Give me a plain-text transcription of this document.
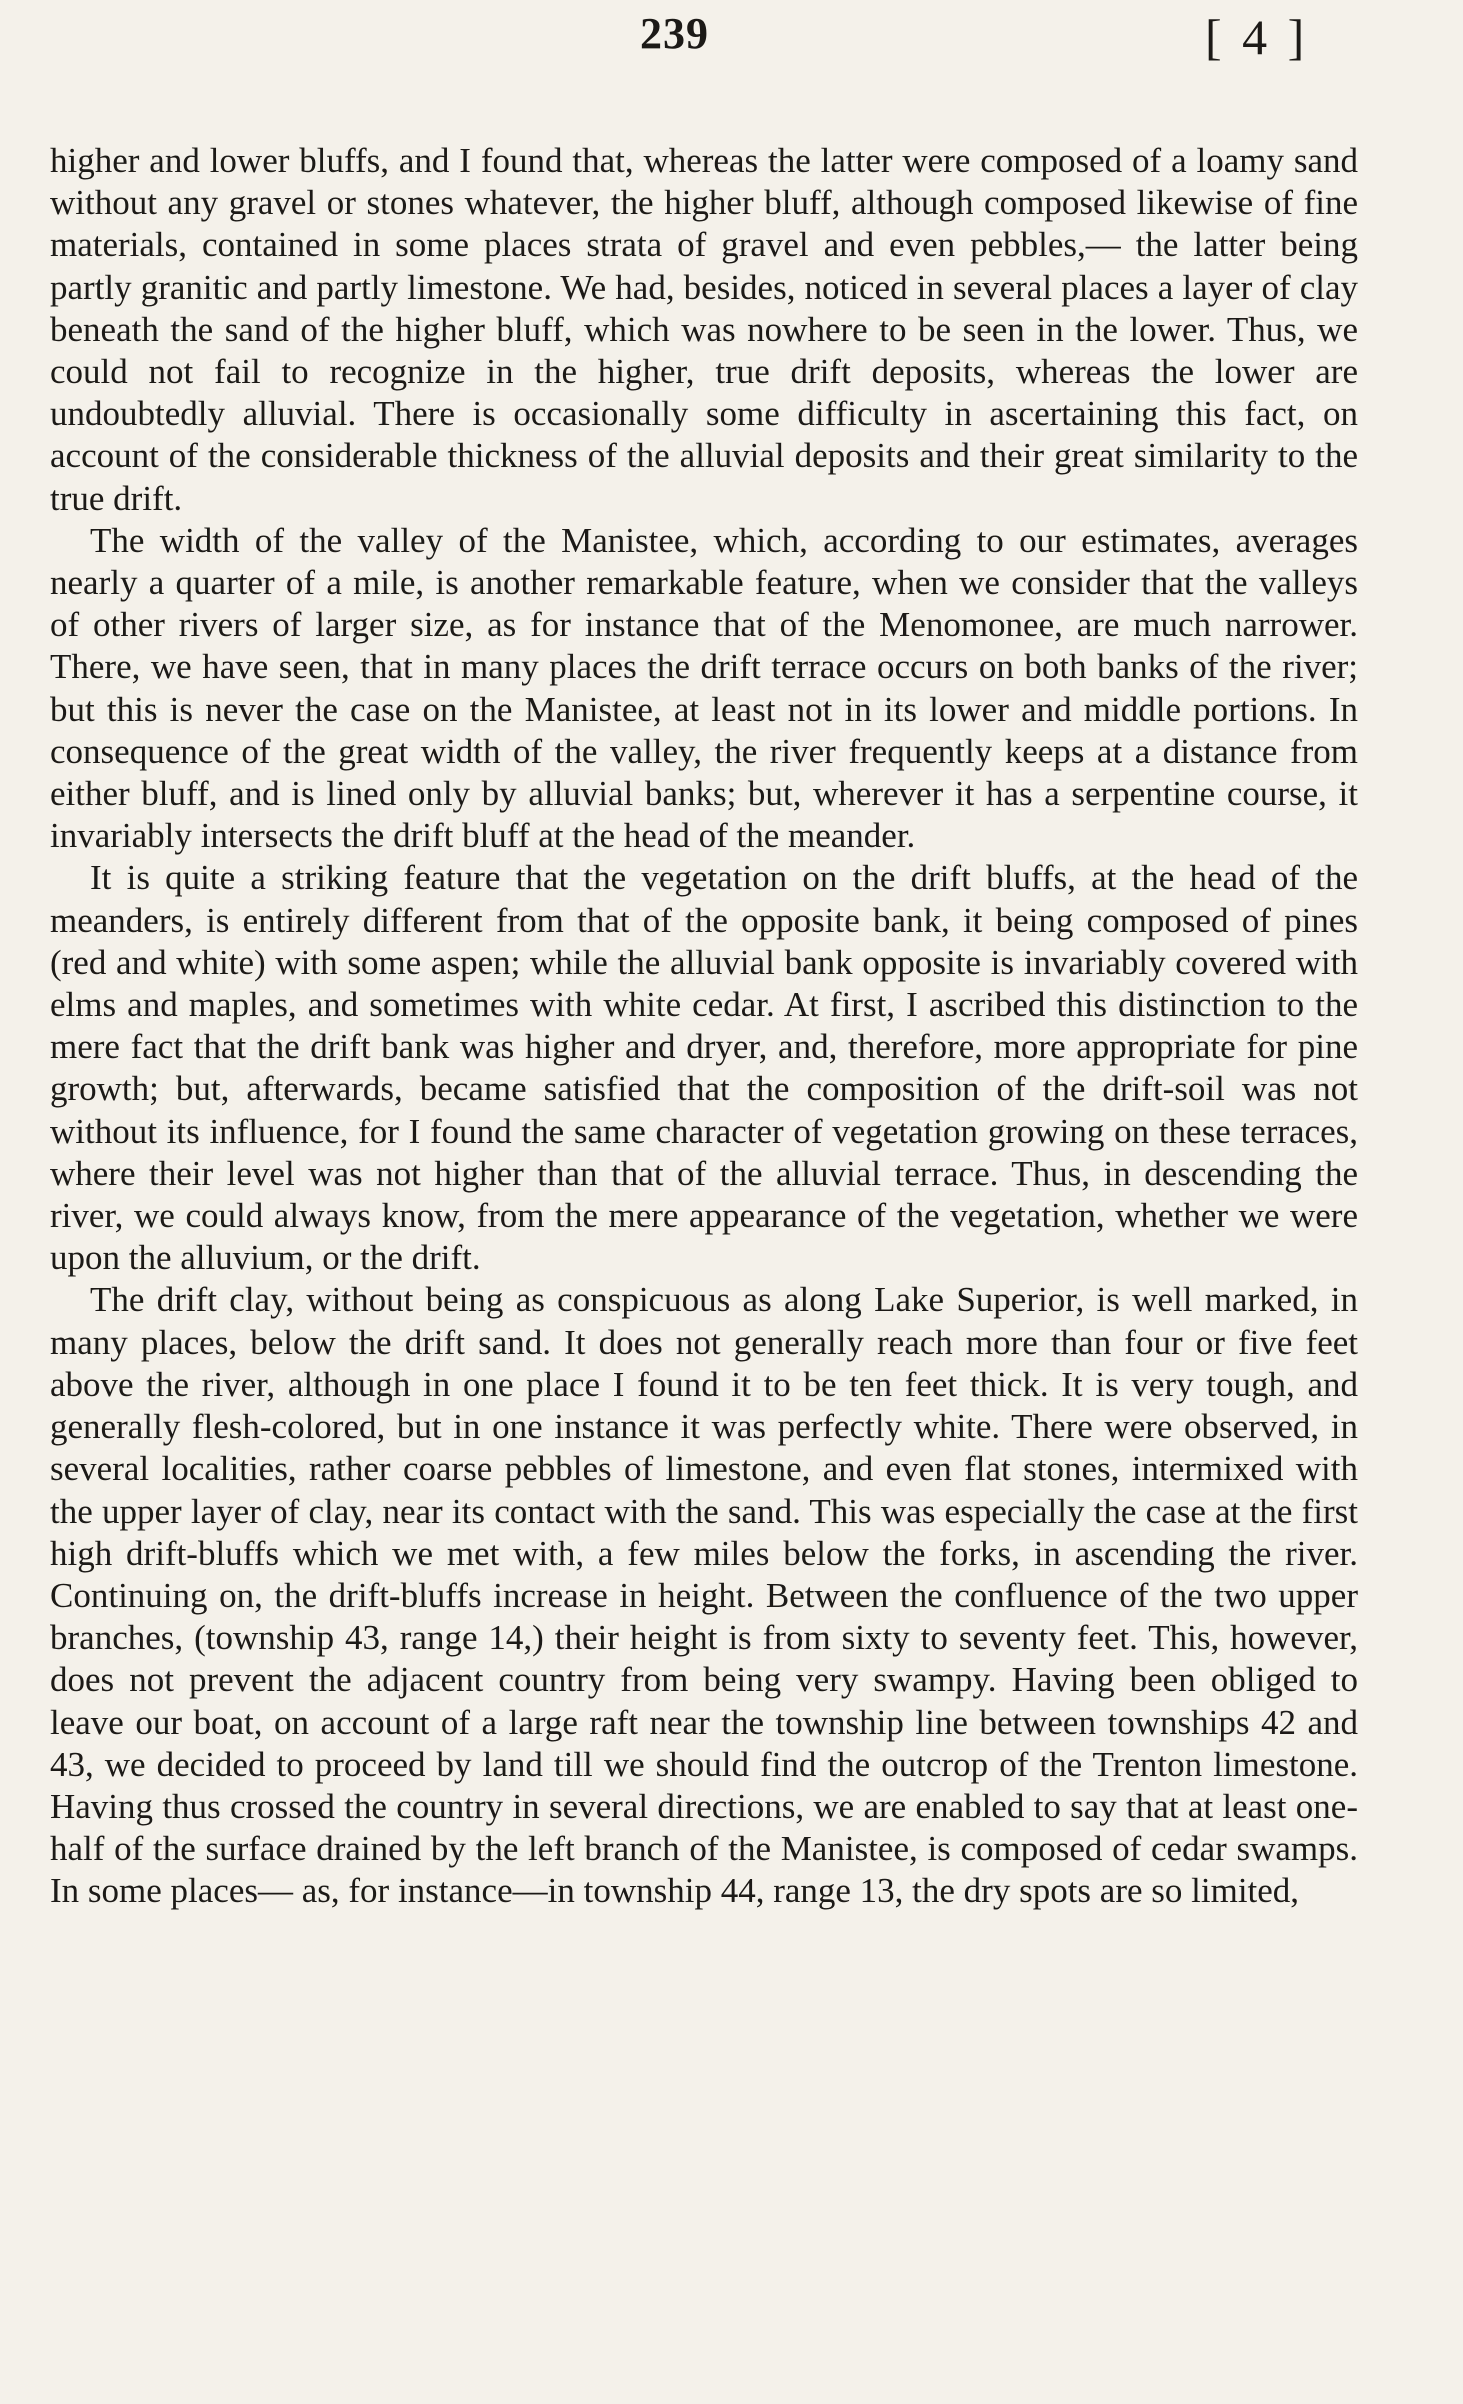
239	[ 4 ]

higher and lower bluffs, and I found that, whereas the latter were composed of a loamy sand without any gravel or stones whatever, the higher bluff, although composed likewise of fine materials, contained in some places strata of gravel and even pebbles,— the latter being partly granitic and partly limestone. We had, besides, noticed in several places a layer of clay beneath the sand of the higher bluff, which was nowhere to be seen in the lower. Thus, we could not fail to recognize in the higher, true drift deposits, whereas the lower are undoubtedly alluvial. There is occasionally some difficulty in ascertaining this fact, on account of the considerable thickness of the alluvial deposits and their great similarity to the true drift.

The width of the valley of the Manistee, which, according to our estimates, averages nearly a quarter of a mile, is another remarkable feature, when we consider that the valleys of other rivers of larger size, as for instance that of the Menomonee, are much narrower. There, we have seen, that in many places the drift terrace occurs on both banks of the river; but this is never the case on the Manistee, at least not in its lower and middle portions. In consequence of the great width of the valley, the river frequently keeps at a distance from either bluff, and is lined only by alluvial banks; but, wherever it has a serpentine course, it invariably intersects the drift bluff at the head of the meander.

It is quite a striking feature that the vegetation on the drift bluffs, at the head of the meanders, is entirely different from that of the opposite bank, it being composed of pines (red and white) with some aspen; while the alluvial bank opposite is invariably covered with elms and maples, and sometimes with white cedar. At first, I ascribed this distinction to the mere fact that the drift bank was higher and dryer, and, therefore, more appropriate for pine growth; but, afterwards, became satisfied that the composition of the drift-soil was not without its influence, for I found the same character of vegetation growing on these terraces, where their level was not higher than that of the alluvial terrace. Thus, in descending the river, we could always know, from the mere appearance of the vegetation, whether we were upon the alluvium, or the drift.

The drift clay, without being as conspicuous as along Lake Superior, is well marked, in many places, below the drift sand. It does not generally reach more than four or five feet above the river, although in one place I found it to be ten feet thick. It is very tough, and generally flesh-colored, but in one instance it was perfectly white. There were observed, in several localities, rather coarse pebbles of limestone, and even flat stones, intermixed with the upper layer of clay, near its contact with the sand. This was especially the case at the first high drift-bluffs which we met with, a few miles below the forks, in ascending the river. Continuing on, the drift-bluffs increase in height. Between the confluence of the two upper branches, (township 43, range 14,) their height is from sixty to seventy feet. This, however, does not prevent the adjacent country from being very swampy. Having been obliged to leave our boat, on account of a large raft near the township line between townships 42 and 43, we decided to proceed by land till we should find the outcrop of the Trenton limestone. Having thus crossed the country in several directions, we are enabled to say that at least one-half of the surface drained by the left branch of the Manistee, is composed of cedar swamps. In some places— as, for instance—in township 44, range 13, the dry spots are so limited,
